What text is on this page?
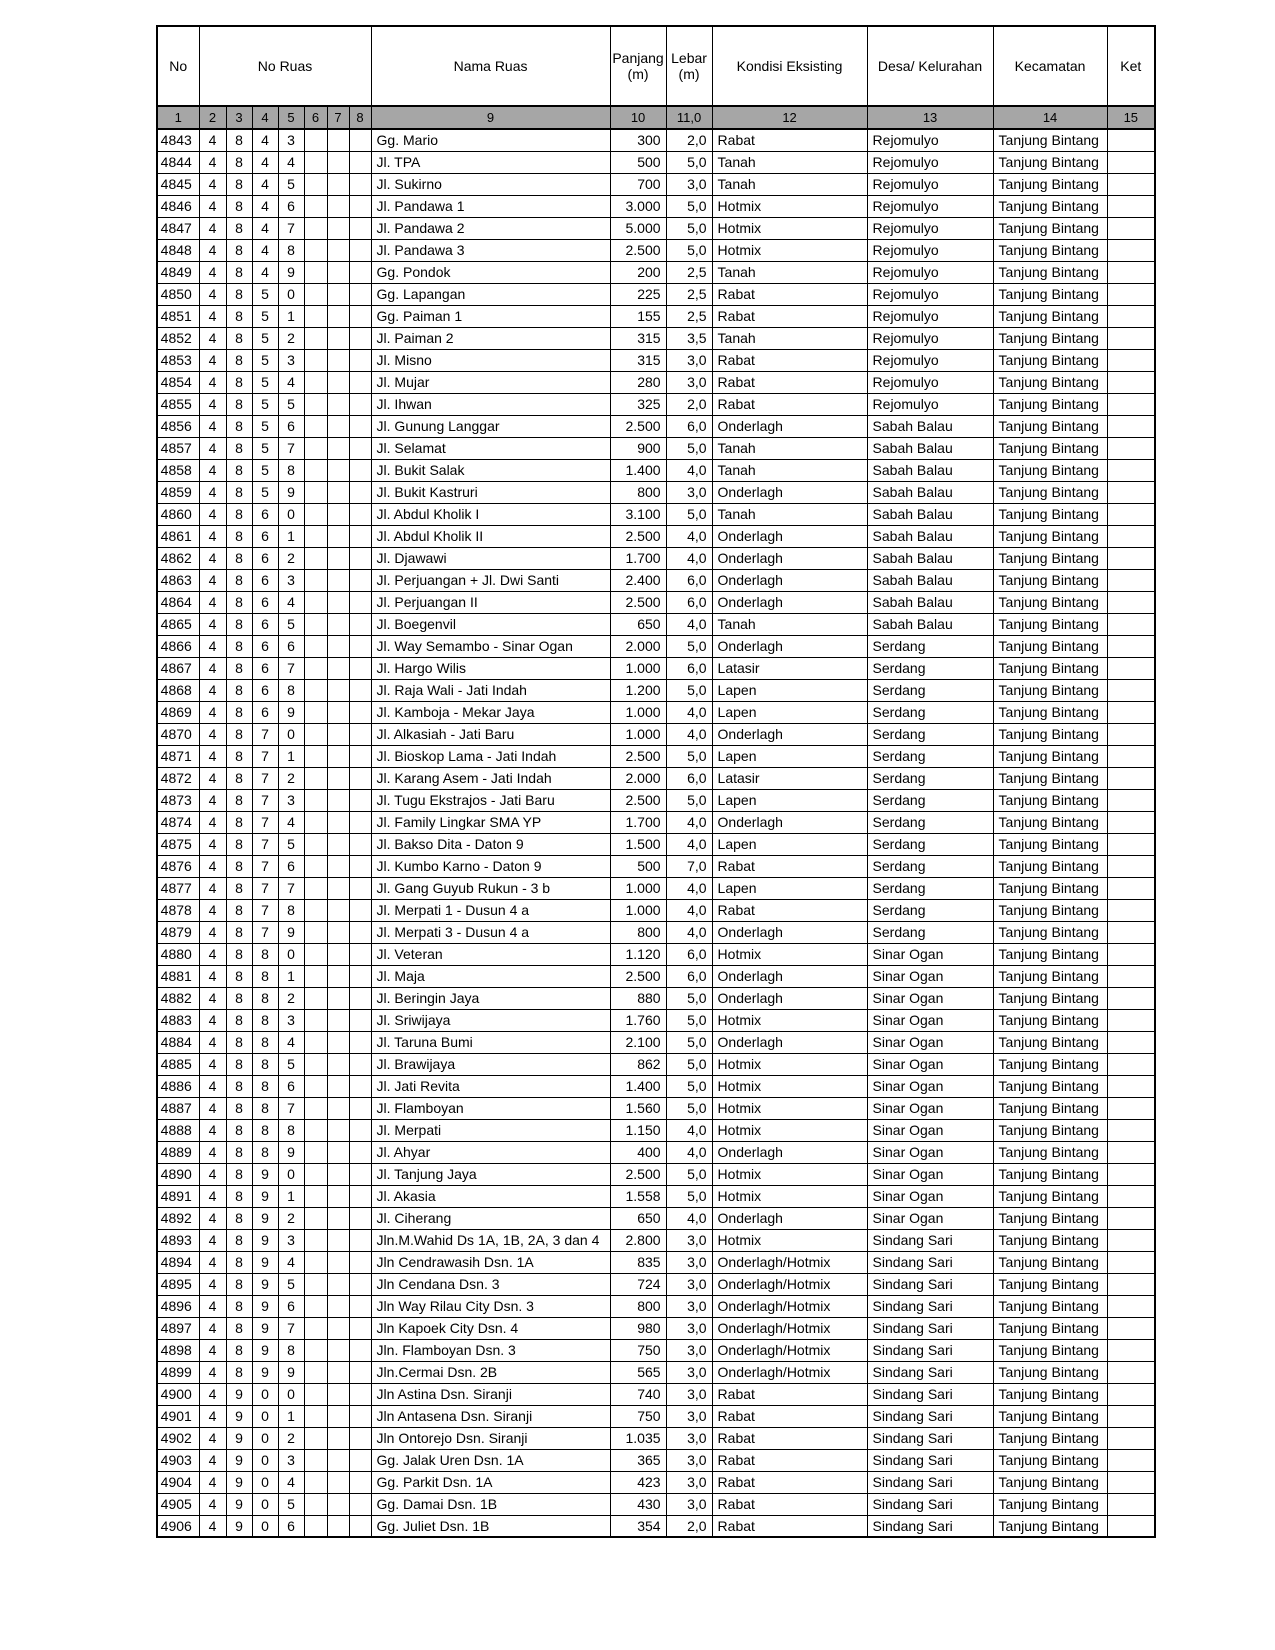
No	No Ruas							Nama Ruas	Panjang (m)	Lebar (m)	Kondisi Eksisting	Desa/ Kelurahan	Kecamatan	Ket
1	2	3	4	5	6	7	8	9	10	11,0	12	13	14	15
4843	4	8	4	3				Gg. Mario	300	2,0	Rabat	Rejomulyo	Tanjung Bintang	
4844	4	8	4	4				Jl. TPA	500	5,0	Tanah	Rejomulyo	Tanjung Bintang	
4845	4	8	4	5				Jl. Sukirno	700	3,0	Tanah	Rejomulyo	Tanjung Bintang	
4846	4	8	4	6				Jl. Pandawa 1	3.000	5,0	Hotmix	Rejomulyo	Tanjung Bintang	
4847	4	8	4	7				Jl. Pandawa 2	5.000	5,0	Hotmix	Rejomulyo	Tanjung Bintang	
4848	4	8	4	8				Jl. Pandawa 3	2.500	5,0	Hotmix	Rejomulyo	Tanjung Bintang	
4849	4	8	4	9				Gg. Pondok	200	2,5	Tanah	Rejomulyo	Tanjung Bintang	
4850	4	8	5	0				Gg. Lapangan	225	2,5	Rabat	Rejomulyo	Tanjung Bintang	
4851	4	8	5	1				Gg. Paiman 1	155	2,5	Rabat	Rejomulyo	Tanjung Bintang	
4852	4	8	5	2				Jl. Paiman 2	315	3,5	Tanah	Rejomulyo	Tanjung Bintang	
4853	4	8	5	3				Jl. Misno	315	3,0	Rabat	Rejomulyo	Tanjung Bintang	
4854	4	8	5	4				Jl. Mujar	280	3,0	Rabat	Rejomulyo	Tanjung Bintang	
4855	4	8	5	5				Jl. Ihwan	325	2,0	Rabat	Rejomulyo	Tanjung Bintang	
4856	4	8	5	6				Jl. Gunung Langgar	2.500	6,0	Onderlagh	Sabah Balau	Tanjung Bintang	
4857	4	8	5	7				Jl. Selamat	900	5,0	Tanah	Sabah Balau	Tanjung Bintang	
4858	4	8	5	8				Jl. Bukit Salak	1.400	4,0	Tanah	Sabah Balau	Tanjung Bintang	
4859	4	8	5	9				Jl. Bukit Kastruri	800	3,0	Onderlagh	Sabah Balau	Tanjung Bintang	
4860	4	8	6	0				Jl. Abdul Kholik I	3.100	5,0	Tanah	Sabah Balau	Tanjung Bintang	
4861	4	8	6	1				Jl. Abdul Kholik II	2.500	4,0	Onderlagh	Sabah Balau	Tanjung Bintang	
4862	4	8	6	2				Jl. Djawawi	1.700	4,0	Onderlagh	Sabah Balau	Tanjung Bintang	
4863	4	8	6	3				Jl. Perjuangan + Jl. Dwi Santi	2.400	6,0	Onderlagh	Sabah Balau	Tanjung Bintang	
4864	4	8	6	4				Jl. Perjuangan II	2.500	6,0	Onderlagh	Sabah Balau	Tanjung Bintang	
4865	4	8	6	5				Jl. Boegenvil	650	4,0	Tanah	Sabah Balau	Tanjung Bintang	
4866	4	8	6	6				Jl. Way Semambo - Sinar Ogan	2.000	5,0	Onderlagh	Serdang	Tanjung Bintang	
4867	4	8	6	7				Jl. Hargo Wilis	1.000	6,0	Latasir	Serdang	Tanjung Bintang	
4868	4	8	6	8				Jl. Raja Wali - Jati Indah	1.200	5,0	Lapen	Serdang	Tanjung Bintang	
4869	4	8	6	9				Jl. Kamboja - Mekar Jaya	1.000	4,0	Lapen	Serdang	Tanjung Bintang	
4870	4	8	7	0				Jl. Alkasiah - Jati Baru	1.000	4,0	Onderlagh	Serdang	Tanjung Bintang	
4871	4	8	7	1				Jl. Bioskop Lama - Jati Indah	2.500	5,0	Lapen	Serdang	Tanjung Bintang	
4872	4	8	7	2				Jl. Karang Asem - Jati Indah	2.000	6,0	Latasir	Serdang	Tanjung Bintang	
4873	4	8	7	3				Jl. Tugu Ekstrajos - Jati Baru	2.500	5,0	Lapen	Serdang	Tanjung Bintang	
4874	4	8	7	4				Jl. Family Lingkar SMA YP	1.700	4,0	Onderlagh	Serdang	Tanjung Bintang	
4875	4	8	7	5				Jl. Bakso Dita - Daton 9	1.500	4,0	Lapen	Serdang	Tanjung Bintang	
4876	4	8	7	6				Jl. Kumbo Karno - Daton 9	500	7,0	Rabat	Serdang	Tanjung Bintang	
4877	4	8	7	7				Jl. Gang Guyub Rukun - 3 b	1.000	4,0	Lapen	Serdang	Tanjung Bintang	
4878	4	8	7	8				Jl. Merpati 1 - Dusun 4 a	1.000	4,0	Rabat	Serdang	Tanjung Bintang	
4879	4	8	7	9				Jl. Merpati 3 - Dusun 4 a	800	4,0	Onderlagh	Serdang	Tanjung Bintang	
4880	4	8	8	0				Jl. Veteran	1.120	6,0	Hotmix	Sinar Ogan	Tanjung Bintang	
4881	4	8	8	1				Jl. Maja	2.500	6,0	Onderlagh	Sinar Ogan	Tanjung Bintang	
4882	4	8	8	2				Jl. Beringin Jaya	880	5,0	Onderlagh	Sinar Ogan	Tanjung Bintang	
4883	4	8	8	3				Jl. Sriwijaya	1.760	5,0	Hotmix	Sinar Ogan	Tanjung Bintang	
4884	4	8	8	4				Jl. Taruna Bumi	2.100	5,0	Onderlagh	Sinar Ogan	Tanjung Bintang	
4885	4	8	8	5				Jl. Brawijaya	862	5,0	Hotmix	Sinar Ogan	Tanjung Bintang	
4886	4	8	8	6				Jl. Jati Revita	1.400	5,0	Hotmix	Sinar Ogan	Tanjung Bintang	
4887	4	8	8	7				Jl. Flamboyan	1.560	5,0	Hotmix	Sinar Ogan	Tanjung Bintang	
4888	4	8	8	8				Jl. Merpati	1.150	4,0	Hotmix	Sinar Ogan	Tanjung Bintang	
4889	4	8	8	9				Jl. Ahyar	400	4,0	Onderlagh	Sinar Ogan	Tanjung Bintang	
4890	4	8	9	0				Jl. Tanjung Jaya	2.500	5,0	Hotmix	Sinar Ogan	Tanjung Bintang	
4891	4	8	9	1				Jl. Akasia	1.558	5,0	Hotmix	Sinar Ogan	Tanjung Bintang	
4892	4	8	9	2				Jl. Ciherang	650	4,0	Onderlagh	Sinar Ogan	Tanjung Bintang	
4893	4	8	9	3				Jln.M.Wahid Ds 1A, 1B, 2A, 3 dan 4	2.800	3,0	Hotmix	Sindang Sari	Tanjung Bintang	
4894	4	8	9	4				Jln Cendrawasih Dsn. 1A	835	3,0	Onderlagh/Hotmix	Sindang Sari	Tanjung Bintang	
4895	4	8	9	5				Jln Cendana Dsn. 3	724	3,0	Onderlagh/Hotmix	Sindang Sari	Tanjung Bintang	
4896	4	8	9	6				Jln Way Rilau City Dsn. 3	800	3,0	Onderlagh/Hotmix	Sindang Sari	Tanjung Bintang	
4897	4	8	9	7				Jln Kapoek City Dsn. 4	980	3,0	Onderlagh/Hotmix	Sindang Sari	Tanjung Bintang	
4898	4	8	9	8				Jln. Flamboyan Dsn. 3	750	3,0	Onderlagh/Hotmix	Sindang Sari	Tanjung Bintang	
4899	4	8	9	9				Jln.Cermai Dsn. 2B	565	3,0	Onderlagh/Hotmix	Sindang Sari	Tanjung Bintang	
4900	4	9	0	0				Jln Astina Dsn. Siranji	740	3,0	Rabat	Sindang Sari	Tanjung Bintang	
4901	4	9	0	1				Jln Antasena Dsn. Siranji	750	3,0	Rabat	Sindang Sari	Tanjung Bintang	
4902	4	9	0	2				Jln Ontorejo Dsn. Siranji	1.035	3,0	Rabat	Sindang Sari	Tanjung Bintang	
4903	4	9	0	3				Gg. Jalak Uren Dsn. 1A	365	3,0	Rabat	Sindang Sari	Tanjung Bintang	
4904	4	9	0	4				Gg. Parkit Dsn. 1A	423	3,0	Rabat	Sindang Sari	Tanjung Bintang	
4905	4	9	0	5				Gg. Damai Dsn. 1B	430	3,0	Rabat	Sindang Sari	Tanjung Bintang	
4906	4	9	0	6				Gg. Juliet Dsn. 1B	354	2,0	Rabat	Sindang Sari	Tanjung Bintang	
